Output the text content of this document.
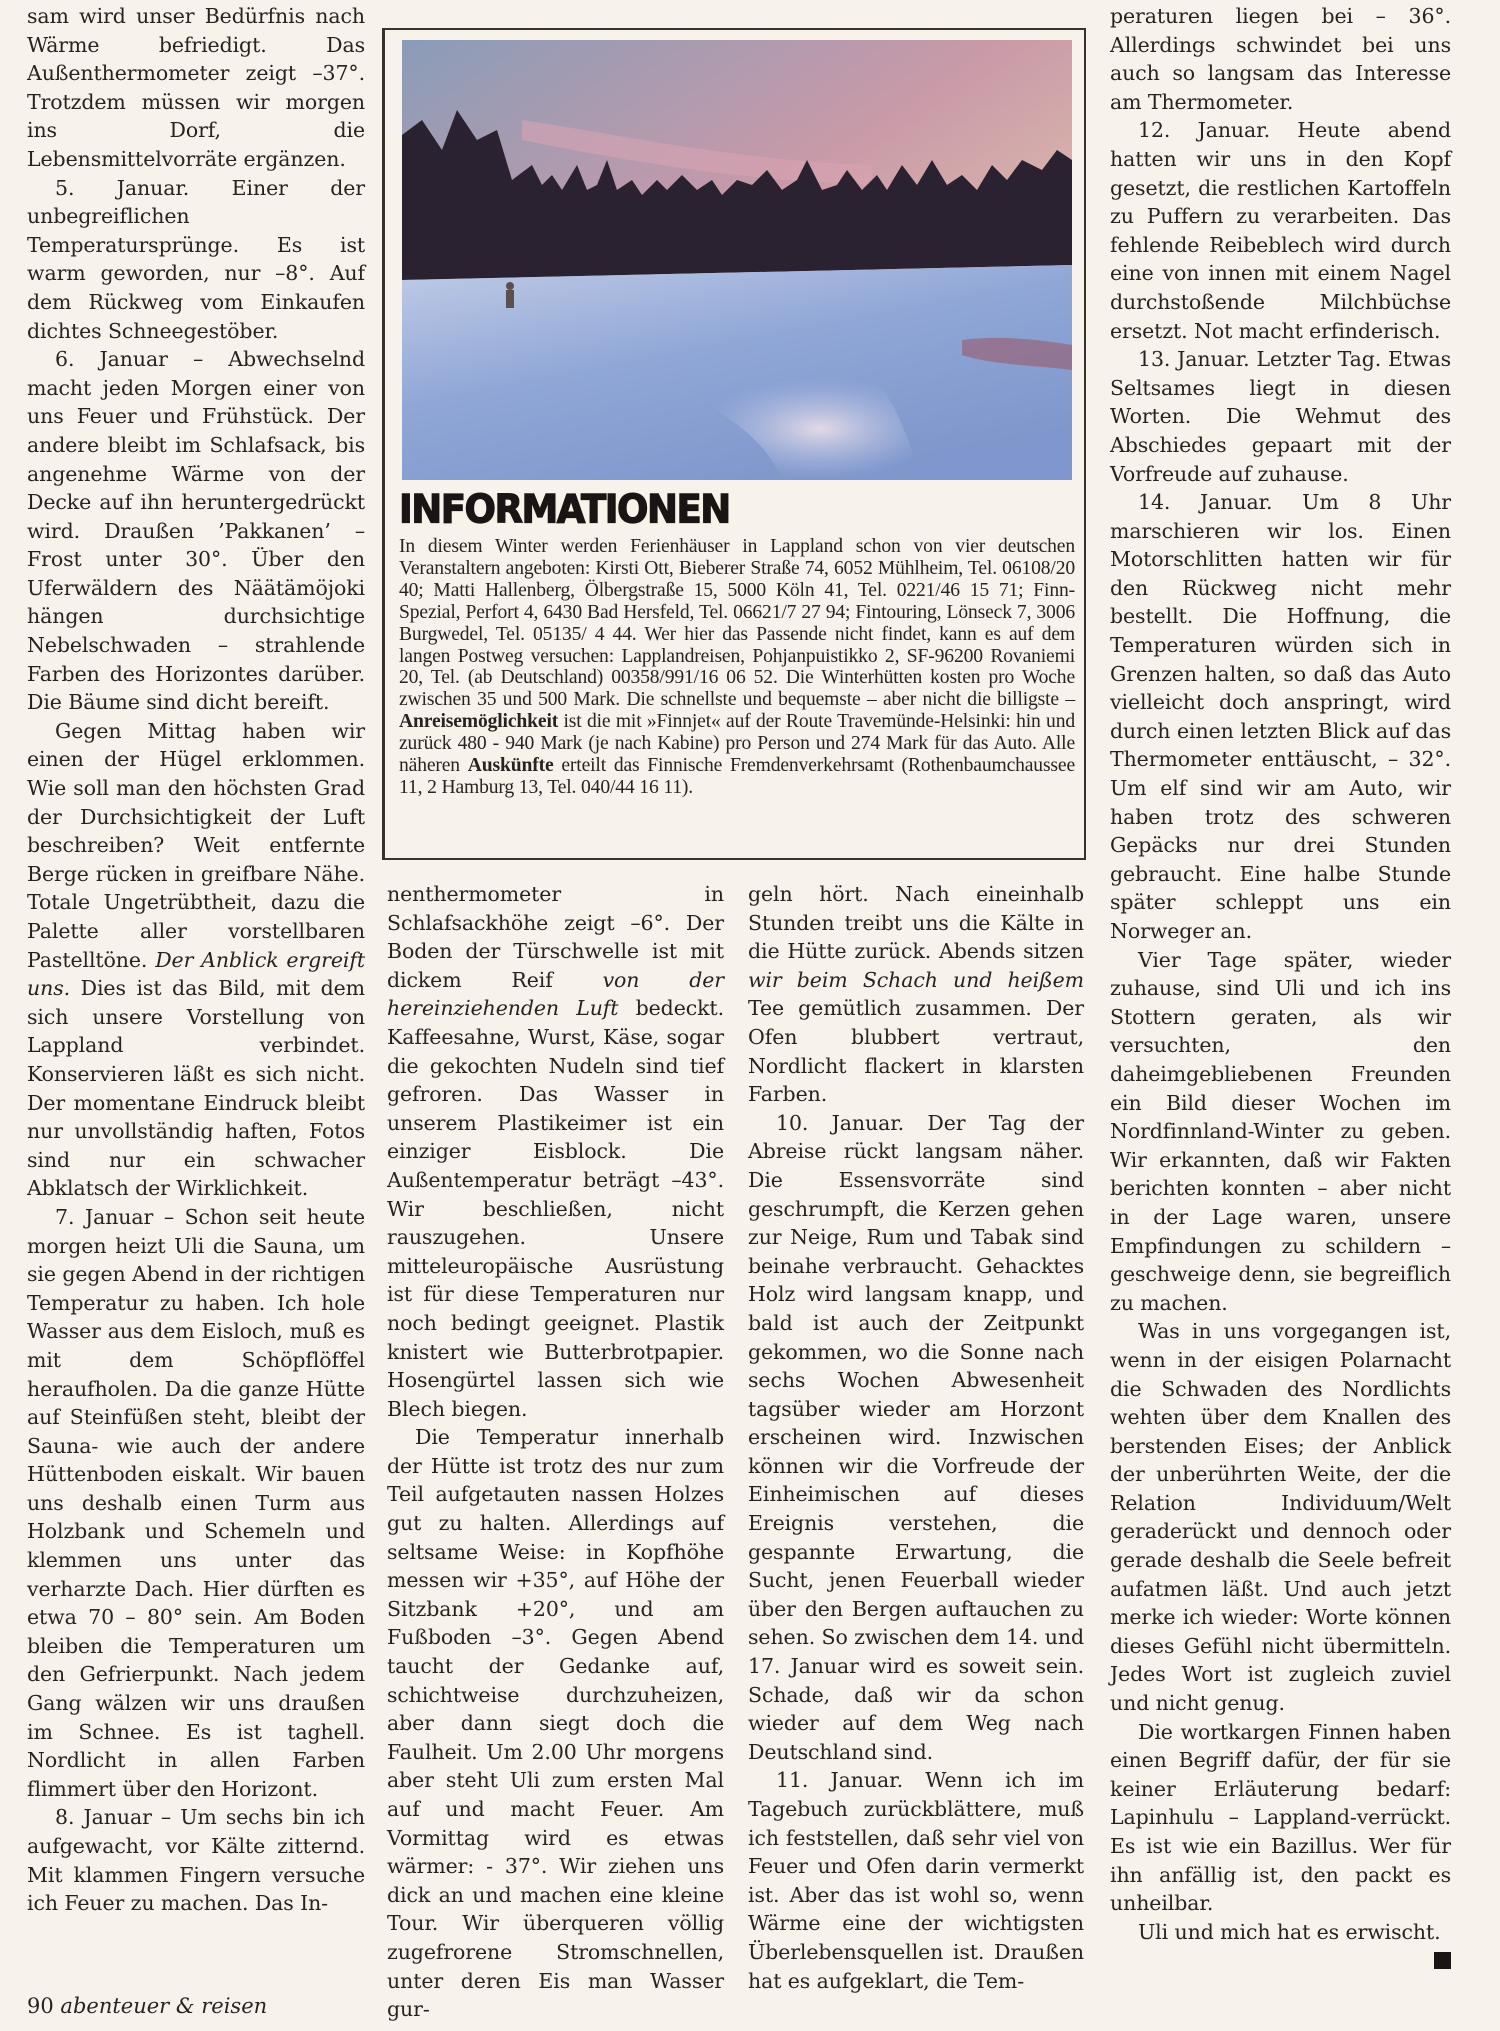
sam wird unser Bedürfnis nach Wärme befriedigt. Das Außenthermometer zeigt –37°. Trotzdem müssen wir morgen ins Dorf, die Lebensmittelvorräte ergänzen.

5. Januar. Einer der unbegreiflichen Temperatursprünge. Es ist warm geworden, nur –8°. Auf dem Rückweg vom Einkaufen dichtes Schneegestöber.

6. Januar – Abwechselnd macht jeden Morgen einer von uns Feuer und Frühstück. Der andere bleibt im Schlafsack, bis angenehme Wärme von der Decke auf ihn heruntergedrückt wird. Draußen ’Pakkanen’ – Frost unter 30°. Über den Uferwäldern des Näätämöjoki hängen durchsichtige Nebelschwaden – strahlende Farben des Horizontes darüber. Die Bäume sind dicht bereift.

Gegen Mittag haben wir einen der Hügel erklommen. Wie soll man den höchsten Grad der Durchsichtigkeit der Luft beschreiben? Weit entfernte Berge rücken in greifbare Nähe. Totale Ungetrübtheit, dazu die Palette aller vorstellbaren Pastelltöne. Der Anblick ergreift uns. Dies ist das Bild, mit dem sich unsere Vorstellung von Lappland verbindet. Konservieren läßt es sich nicht. Der momentane Eindruck bleibt nur unvollständig haften, Fotos sind nur ein schwacher Abklatsch der Wirklichkeit.

7. Januar – Schon seit heute morgen heizt Uli die Sauna, um sie gegen Abend in der richtigen Temperatur zu haben. Ich hole Wasser aus dem Eisloch, muß es mit dem Schöpflöffel heraufholen. Da die ganze Hütte auf Steinfüßen steht, bleibt der Sauna- wie auch der andere Hüttenboden eiskalt. Wir bauen uns deshalb einen Turm aus Holzbank und Schemeln und klemmen uns unter das verharzte Dach. Hier dürften es etwa 70 – 80° sein. Am Boden bleiben die Temperaturen um den Gefrierpunkt. Nach jedem Gang wälzen wir uns draußen im Schnee. Es ist taghell. Nordlicht in allen Farben flimmert über den Horizont.

8. Januar – Um sechs bin ich aufgewacht, vor Kälte zitternd. Mit klammen Fingern versuche ich Feuer zu machen. Das In-

INFORMATIONEN
In diesem Winter werden Ferienhäuser in Lappland schon von vier deutschen Veranstaltern angeboten: Kirsti Ott, Bieberer Straße 74, 6052 Mühlheim, Tel. 06108/20 40; Matti Hallenberg, Ölbergstraße 15, 5000 Köln 41, Tel. 0221/46 15 71; Finn-Spezial, Perfort 4, 6430 Bad Hersfeld, Tel. 06621/7 27 94; Fintouring, Lönseck 7, 3006 Burgwedel, Tel. 05135/ 4 44. Wer hier das Passende nicht findet, kann es auf dem langen Postweg versuchen: Lapplandreisen, Pohjanpuistikko 2, SF-96200 Rovaniemi 20, Tel. (ab Deutschland) 00358/991/16 06 52. Die Winterhütten kosten pro Woche zwischen 35 und 500 Mark. Die schnellste und bequemste – aber nicht die billigste – Anreisemöglichkeit ist die mit »Finnjet« auf der Route Travemünde-Helsinki: hin und zurück 480 - 940 Mark (je nach Kabine) pro Person und 274 Mark für das Auto. Alle näheren Auskünfte erteilt das Finnische Fremdenverkehrsamt (Rothenbaumchaussee 11, 2 Hamburg 13, Tel. 040/44 16 11).

nenthermometer in Schlafsackhöhe zeigt –6°. Der Boden der Türschwelle ist mit dickem Reif von der hereinziehenden Luft bedeckt. Kaffeesahne, Wurst, Käse, sogar die gekochten Nudeln sind tief gefroren. Das Wasser in unserem Plastikeimer ist ein einziger Eisblock. Die Außentemperatur beträgt –43°. Wir beschließen, nicht rauszugehen. Unsere mitteleuropäische Ausrüstung ist für diese Temperaturen nur noch bedingt geeignet. Plastik knistert wie Butterbrotpapier. Hosengürtel lassen sich wie Blech biegen.

Die Temperatur innerhalb der Hütte ist trotz des nur zum Teil aufgetauten nassen Holzes gut zu halten. Allerdings auf seltsame Weise: in Kopfhöhe messen wir +35°, auf Höhe der Sitzbank +20°, und am Fußboden –3°. Gegen Abend taucht der Gedanke auf, schichtweise durchzuheizen, aber dann siegt doch die Faulheit. Um 2.00 Uhr morgens aber steht Uli zum ersten Mal auf und macht Feuer. Am Vormittag wird es etwas wärmer: - 37°. Wir ziehen uns dick an und machen eine kleine Tour. Wir überqueren völlig zugefrorene Stromschnellen, unter deren Eis man Wasser gur-

geln hört. Nach eineinhalb Stunden treibt uns die Kälte in die Hütte zurück. Abends sitzen wir beim Schach und heißem Tee gemütlich zusammen. Der Ofen blubbert vertraut, Nordlicht flackert in klarsten Farben.

10. Januar. Der Tag der Abreise rückt langsam näher. Die Essensvorräte sind geschrumpft, die Kerzen gehen zur Neige, Rum und Tabak sind beinahe verbraucht. Gehacktes Holz wird langsam knapp, und bald ist auch der Zeitpunkt gekommen, wo die Sonne nach sechs Wochen Abwesenheit tagsüber wieder am Horzont erscheinen wird. Inzwischen können wir die Vorfreude der Einheimischen auf dieses Ereignis verstehen, die gespannte Erwartung, die Sucht, jenen Feuerball wieder über den Bergen auftauchen zu sehen. So zwischen dem 14. und 17. Januar wird es soweit sein. Schade, daß wir da schon wieder auf dem Weg nach Deutschland sind.

11. Januar. Wenn ich im Tagebuch zurückblättere, muß ich feststellen, daß sehr viel von Feuer und Ofen darin vermerkt ist. Aber das ist wohl so, wenn Wärme eine der wichtigsten Überlebensquellen ist. Draußen hat es aufgeklart, die Tem-

peraturen liegen bei – 36°. Allerdings schwindet bei uns auch so langsam das Interesse am Thermometer.

12. Januar. Heute abend hatten wir uns in den Kopf gesetzt, die restlichen Kartoffeln zu Puffern zu verarbeiten. Das fehlende Reibeblech wird durch eine von innen mit einem Nagel durchstoßende Milchbüchse ersetzt. Not macht erfinderisch.

13. Januar. Letzter Tag. Etwas Seltsames liegt in diesen Worten. Die Wehmut des Abschiedes gepaart mit der Vorfreude auf zuhause.

14. Januar. Um 8 Uhr marschieren wir los. Einen Motorschlitten hatten wir für den Rückweg nicht mehr bestellt. Die Hoffnung, die Temperaturen würden sich in Grenzen halten, so daß das Auto vielleicht doch anspringt, wird durch einen letzten Blick auf das Thermometer enttäuscht, – 32°. Um elf sind wir am Auto, wir haben trotz des schweren Gepäcks nur drei Stunden gebraucht. Eine halbe Stunde später schleppt uns ein Norweger an.

Vier Tage später, wieder zuhause, sind Uli und ich ins Stottern geraten, als wir versuchten, den daheimgebliebenen Freunden ein Bild dieser Wochen im Nordfinnland-Winter zu geben. Wir erkannten, daß wir Fakten berichten konnten – aber nicht in der Lage waren, unsere Empfindungen zu schildern – geschweige denn, sie begreiflich zu machen.

Was in uns vorgegangen ist, wenn in der eisigen Polarnacht die Schwaden des Nordlichts wehten über dem Knallen des berstenden Eises; der Anblick der unberührten Weite, der die Relation Individuum/Welt geraderückt und dennoch oder gerade deshalb die Seele befreit aufatmen läßt. Und auch jetzt merke ich wieder: Worte können dieses Gefühl nicht übermitteln. Jedes Wort ist zugleich zuviel und nicht genug.

Die wortkargen Finnen haben einen Begriff dafür, der für sie keiner Erläuterung bedarf: Lapinhulu – Lappland-verrückt. Es ist wie ein Bazillus. Wer für ihn anfällig ist, den packt es unheilbar.

Uli und mich hat es erwischt.

90 abenteuer & reisen
